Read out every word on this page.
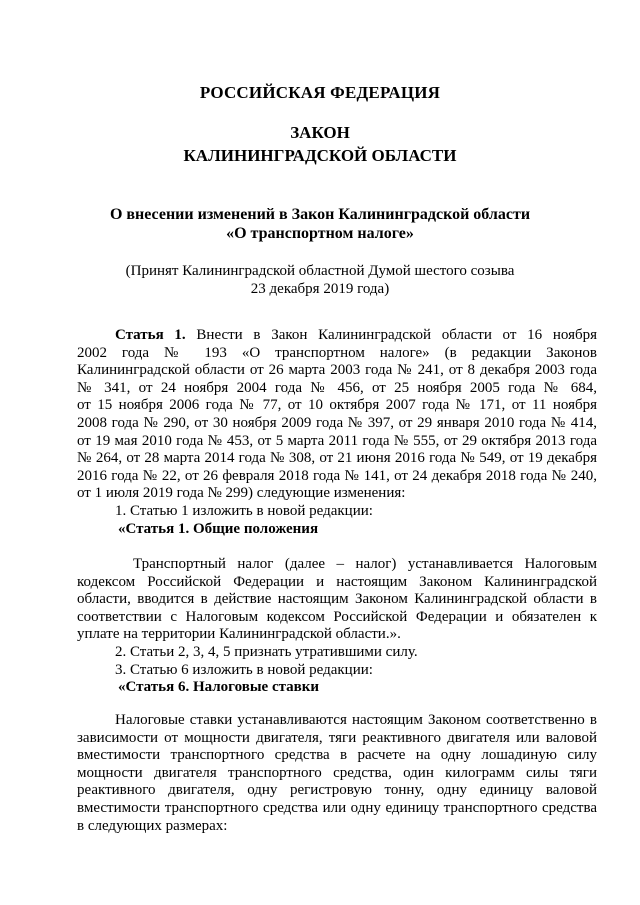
РОССИЙСКАЯ ФЕДЕРАЦИЯ
ЗАКОН
КАЛИНИНГРАДСКОЙ ОБЛАСТИ
О внесении изменений в Закон Калининградской области
«О транспортном налоге»
(Принят Калининградской областной Думой шестого созыва
23 декабря 2019 года)
Статья 1. Внести в Закон Калининградской области от 16 ноября
2002 года № 193 «О транспортном налоге» (в редакции Законов
Калининградской области от 26 марта 2003 года № 241, от 8 декабря 2003 года
№ 341, от 24 ноября 2004 года № 456, от 25 ноября 2005 года № 684,
от 15 ноября 2006 года № 77, от 10 октября 2007 года № 171, от 11 ноября
2008 года № 290, от 30 ноября 2009 года № 397, от 29 января 2010 года № 414,
от 19 мая 2010 года № 453, от 5 марта 2011 года № 555, от 29 октября 2013 года
№ 264, от 28 марта 2014 года № 308, от 21 июня 2016 года № 549, от 19 декабря
2016 года № 22, от 26 февраля 2018 года № 141, от 24 декабря 2018 года № 240,
от 1 июля 2019 года № 299) следующие изменения:
1. Статью 1 изложить в новой редакции:
«Статья 1. Общие положения
Транспортный налог (далее – налог) устанавливается Налоговым
кодексом Российской Федерации и настоящим Законом Калининградской
области, вводится в действие настоящим Законом Калининградской области в
соответствии с Налоговым кодексом Российской Федерации и обязателен к
уплате на территории Калининградской области.».
2. Статьи 2, 3, 4, 5 признать утратившими силу.
3. Статью 6 изложить в новой редакции:
«Статья 6. Налоговые ставки
Налоговые ставки устанавливаются настоящим Законом соответственно в
зависимости от мощности двигателя, тяги реактивного двигателя или валовой
вместимости транспортного средства в расчете на одну лошадиную силу
мощности двигателя транспортного средства, один килограмм силы тяги
реактивного двигателя, одну регистровую тонну, одну единицу валовой
вместимости транспортного средства или одну единицу транспортного средства
в следующих размерах:
